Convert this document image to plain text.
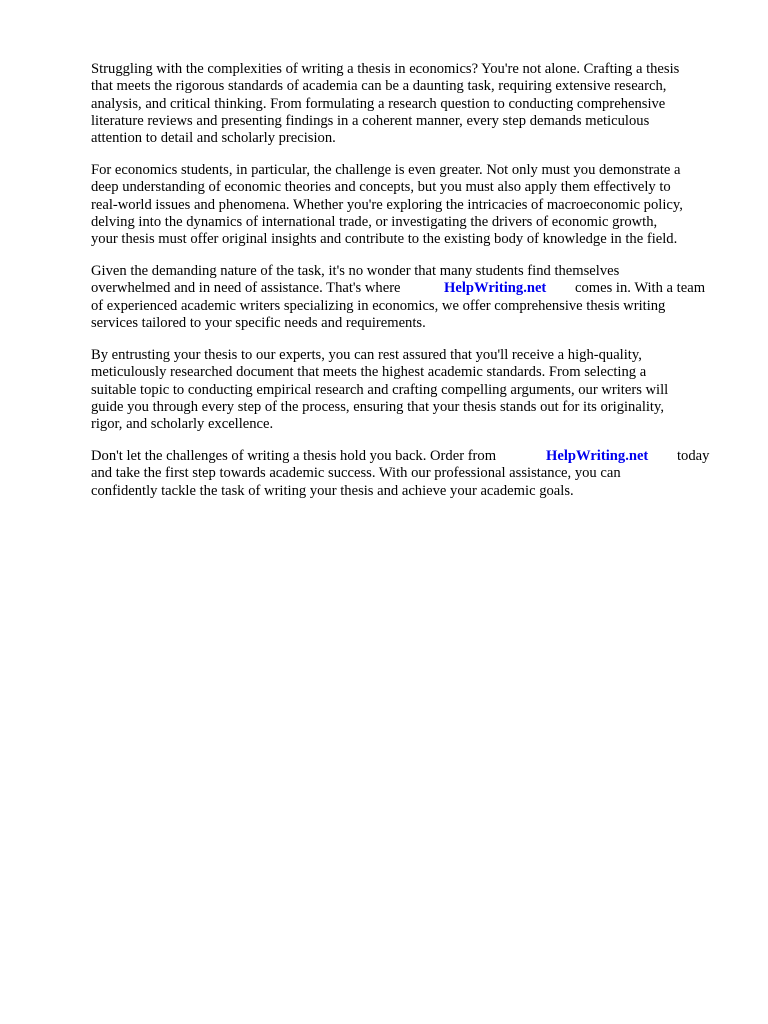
Struggling with the complexities of writing a thesis in economics? You're not alone. Crafting a thesis
that meets the rigorous standards of academia can be a daunting task, requiring extensive research,
analysis, and critical thinking. From formulating a research question to conducting comprehensive
literature reviews and presenting findings in a coherent manner, every step demands meticulous
attention to detail and scholarly precision.
For economics students, in particular, the challenge is even greater. Not only must you demonstrate a
deep understanding of economic theories and concepts, but you must also apply them effectively to
real-world issues and phenomena. Whether you're exploring the intricacies of macroeconomic policy,
delving into the dynamics of international trade, or investigating the drivers of economic growth,
your thesis must offer original insights and contribute to the existing body of knowledge in the field.
Given the demanding nature of the task, it's no wonder that many students find themselves

overwhelmed and in need of assistance. That's where

	HelpWriting.net

comes in. With a team

of experienced academic writers specializing in economics, we offer comprehensive thesis writing
services tailored to your specific needs and requirements.
By entrusting your thesis to our experts, you can rest assured that you'll receive a high-quality,
meticulously researched document that meets the highest academic standards. From selecting a
suitable topic to conducting empirical research and crafting compelling arguments, our writers will
guide you through every step of the process, ensuring that your thesis stands out for its originality,
rigor, and scholarly excellence.

Don't let the challenges of writing a thesis hold you back. Order from

	HelpWriting.net

today

and take the first step towards academic success. With our professional assistance, you can
confidently tackle the task of writing your thesis and achieve your academic goals.
